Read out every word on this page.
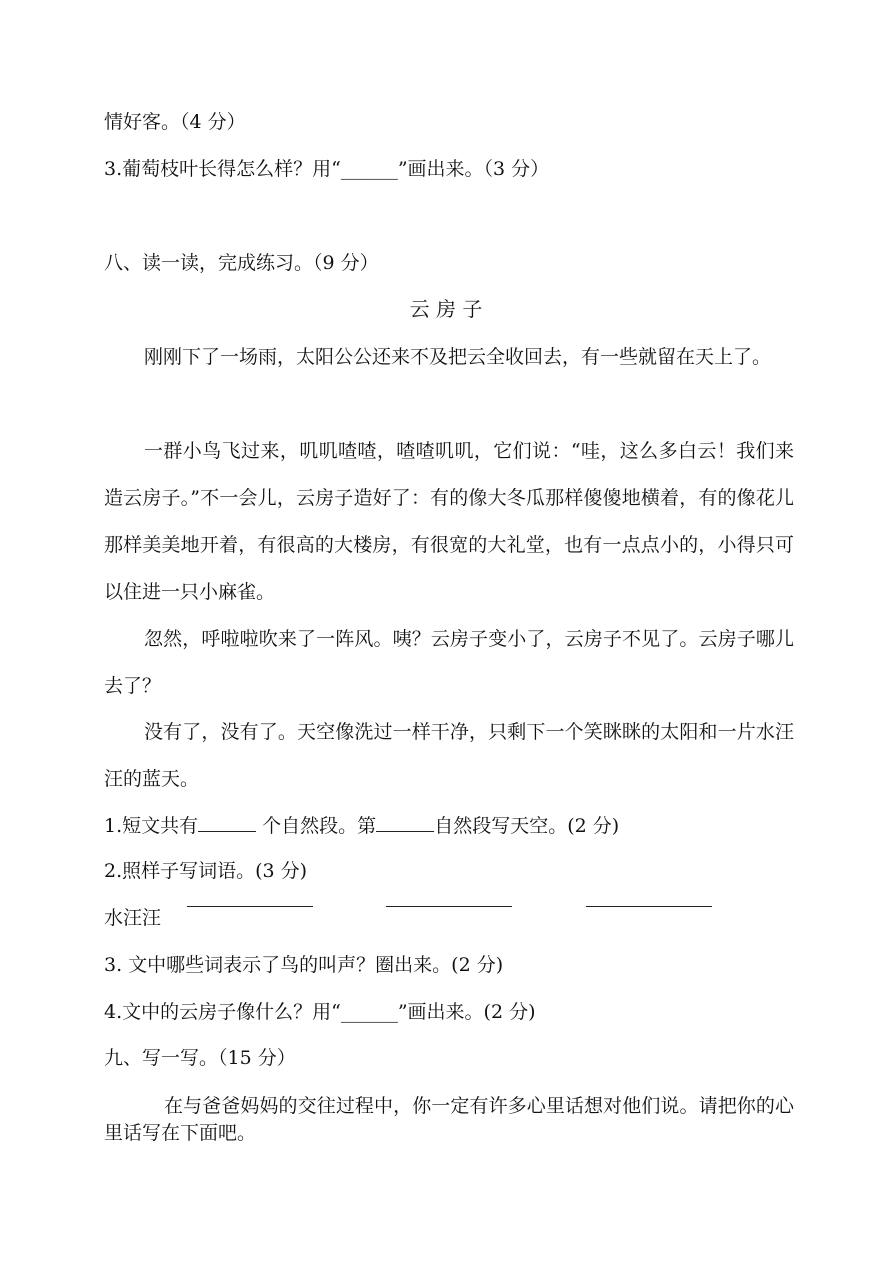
情好客。（4 分）
3.葡萄枝叶长得怎么样？用“______”画出来。（3 分）
八、读一读，完成练习。（9 分）
云 房 子
刚刚下了一场雨，太阳公公还来不及把云全收回去，有一些就留在天上了。
一群小鸟飞过来，叽叽喳喳，喳喳叽叽，它们说：“哇，这么多白云！我们来造云房子。”不一会儿，云房子造好了：有的像大冬瓜那样傻傻地横着，有的像花儿那样美美地开着，有很高的大楼房，有很宽的大礼堂，也有一点点小的，小得只可以住进一只小麻雀。
忽然，呼啦啦吹来了一阵风。咦？云房子变小了，云房子不见了。云房子哪儿去了？
没有了，没有了。天空像洗过一样干净，只剩下一个笑眯眯的太阳和一片水汪汪的蓝天。
1.短文共有	个自然段。第	自然段写天空。(2 分)
2.照样子写词语。(3 分)
水汪汪
3. 文中哪些词表示了鸟的叫声？圈出来。(2 分)
4.文中的云房子像什么？用“______”画出来。(2 分)
九、写一写。（15 分）
在与爸爸妈妈的交往过程中，你一定有许多心里话想对他们说。请把你的心里话写在下面吧。
